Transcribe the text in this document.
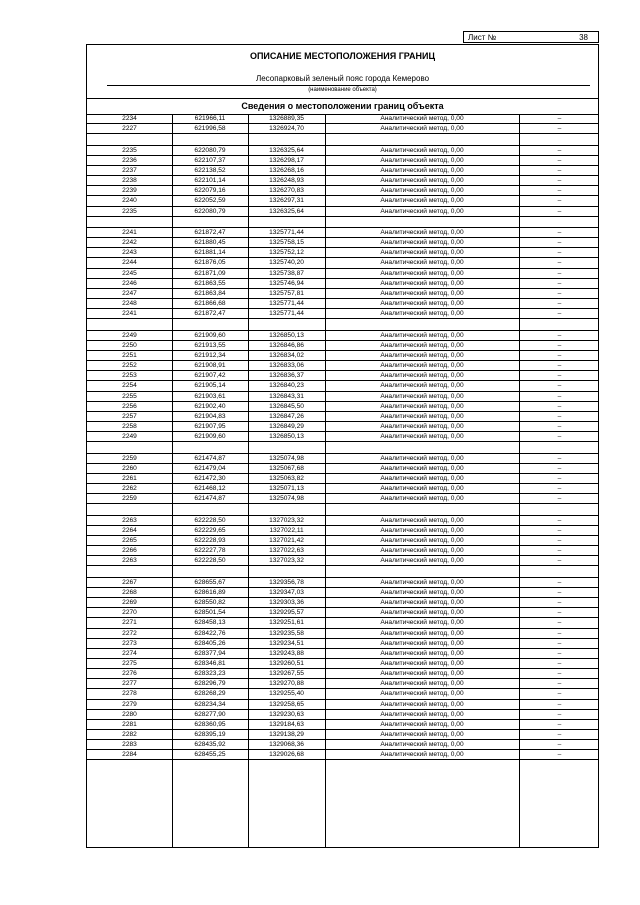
Лист №	38
ОПИСАНИЕ МЕСТОПОЛОЖЕНИЯ ГРАНИЦ
Лесопарковый зеленый пояс города Кемерово
(наименование объекта)
Сведения о местоположении границ объекта
2234	621966,11	1326889,35	Аналитический метод, 0,00	–
2227	621996,58	1326924,70	Аналитический метод, 0,00	–
2235	622080,79	1326325,64	Аналитический метод, 0,00	–
2236	622107,37	1326298,17	Аналитический метод, 0,00	–
2237	622138,52	1326268,16	Аналитический метод, 0,00	–
2238	622101,14	1326248,93	Аналитический метод, 0,00	–
2239	622079,16	1326270,83	Аналитический метод, 0,00	–
2240	622052,59	1326297,31	Аналитический метод, 0,00	–
2235	622080,79	1326325,64	Аналитический метод, 0,00	–
2241	621872,47	1325771,44	Аналитический метод, 0,00	–
2242	621880,45	1325758,15	Аналитический метод, 0,00	–
2243	621881,14	1325752,12	Аналитический метод, 0,00	–
2244	621876,05	1325740,20	Аналитический метод, 0,00	–
2245	621871,09	1325738,87	Аналитический метод, 0,00	–
2246	621863,55	1325746,94	Аналитический метод, 0,00	–
2247	621863,84	1325757,81	Аналитический метод, 0,00	–
2248	621866,68	1325771,44	Аналитический метод, 0,00	–
2241	621872,47	1325771,44	Аналитический метод, 0,00	–
2249	621909,60	1326850,13	Аналитический метод, 0,00	–
2250	621913,55	1326846,86	Аналитический метод, 0,00	–
2251	621912,34	1326834,02	Аналитический метод, 0,00	–
2252	621908,91	1326833,06	Аналитический метод, 0,00	–
2253	621907,42	1326836,37	Аналитический метод, 0,00	–
2254	621905,14	1326840,23	Аналитический метод, 0,00	–
2255	621903,61	1326843,31	Аналитический метод, 0,00	–
2256	621902,40	1326845,50	Аналитический метод, 0,00	–
2257	621904,83	1326847,26	Аналитический метод, 0,00	–
2258	621907,95	1326849,29	Аналитический метод, 0,00	–
2249	621909,60	1326850,13	Аналитический метод, 0,00	–
2259	621474,87	1325074,98	Аналитический метод, 0,00	–
2260	621479,04	1325067,68	Аналитический метод, 0,00	–
2261	621472,30	1325063,82	Аналитический метод, 0,00	–
2262	621468,12	1325071,13	Аналитический метод, 0,00	–
2259	621474,87	1325074,98	Аналитический метод, 0,00	–
2263	622228,50	1327023,32	Аналитический метод, 0,00	–
2264	622229,65	1327022,11	Аналитический метод, 0,00	–
2265	622228,93	1327021,42	Аналитический метод, 0,00	–
2266	622227,78	1327022,63	Аналитический метод, 0,00	–
2263	622228,50	1327023,32	Аналитический метод, 0,00	–
2267	628655,67	1329356,78	Аналитический метод, 0,00	–
2268	628616,89	1329347,03	Аналитический метод, 0,00	–
2269	628550,82	1329303,36	Аналитический метод, 0,00	–
2270	628501,54	1329295,57	Аналитический метод, 0,00	–
2271	628458,13	1329251,61	Аналитический метод, 0,00	–
2272	628422,76	1329235,58	Аналитический метод, 0,00	–
2273	628405,26	1329234,51	Аналитический метод, 0,00	–
2274	628377,94	1329243,88	Аналитический метод, 0,00	–
2275	628346,81	1329260,51	Аналитический метод, 0,00	–
2276	628323,23	1329267,55	Аналитический метод, 0,00	–
2277	628296,79	1329270,88	Аналитический метод, 0,00	–
2278	628268,29	1329255,40	Аналитический метод, 0,00	–
2279	628234,34	1329258,65	Аналитический метод, 0,00	–
2280	628277,90	1329230,63	Аналитический метод, 0,00	–
2281	628360,95	1329184,63	Аналитический метод, 0,00	–
2282	628395,19	1329138,29	Аналитический метод, 0,00	–
2283	628435,92	1329068,36	Аналитический метод, 0,00	–
2284	628455,25	1329026,68	Аналитический метод, 0,00	–
